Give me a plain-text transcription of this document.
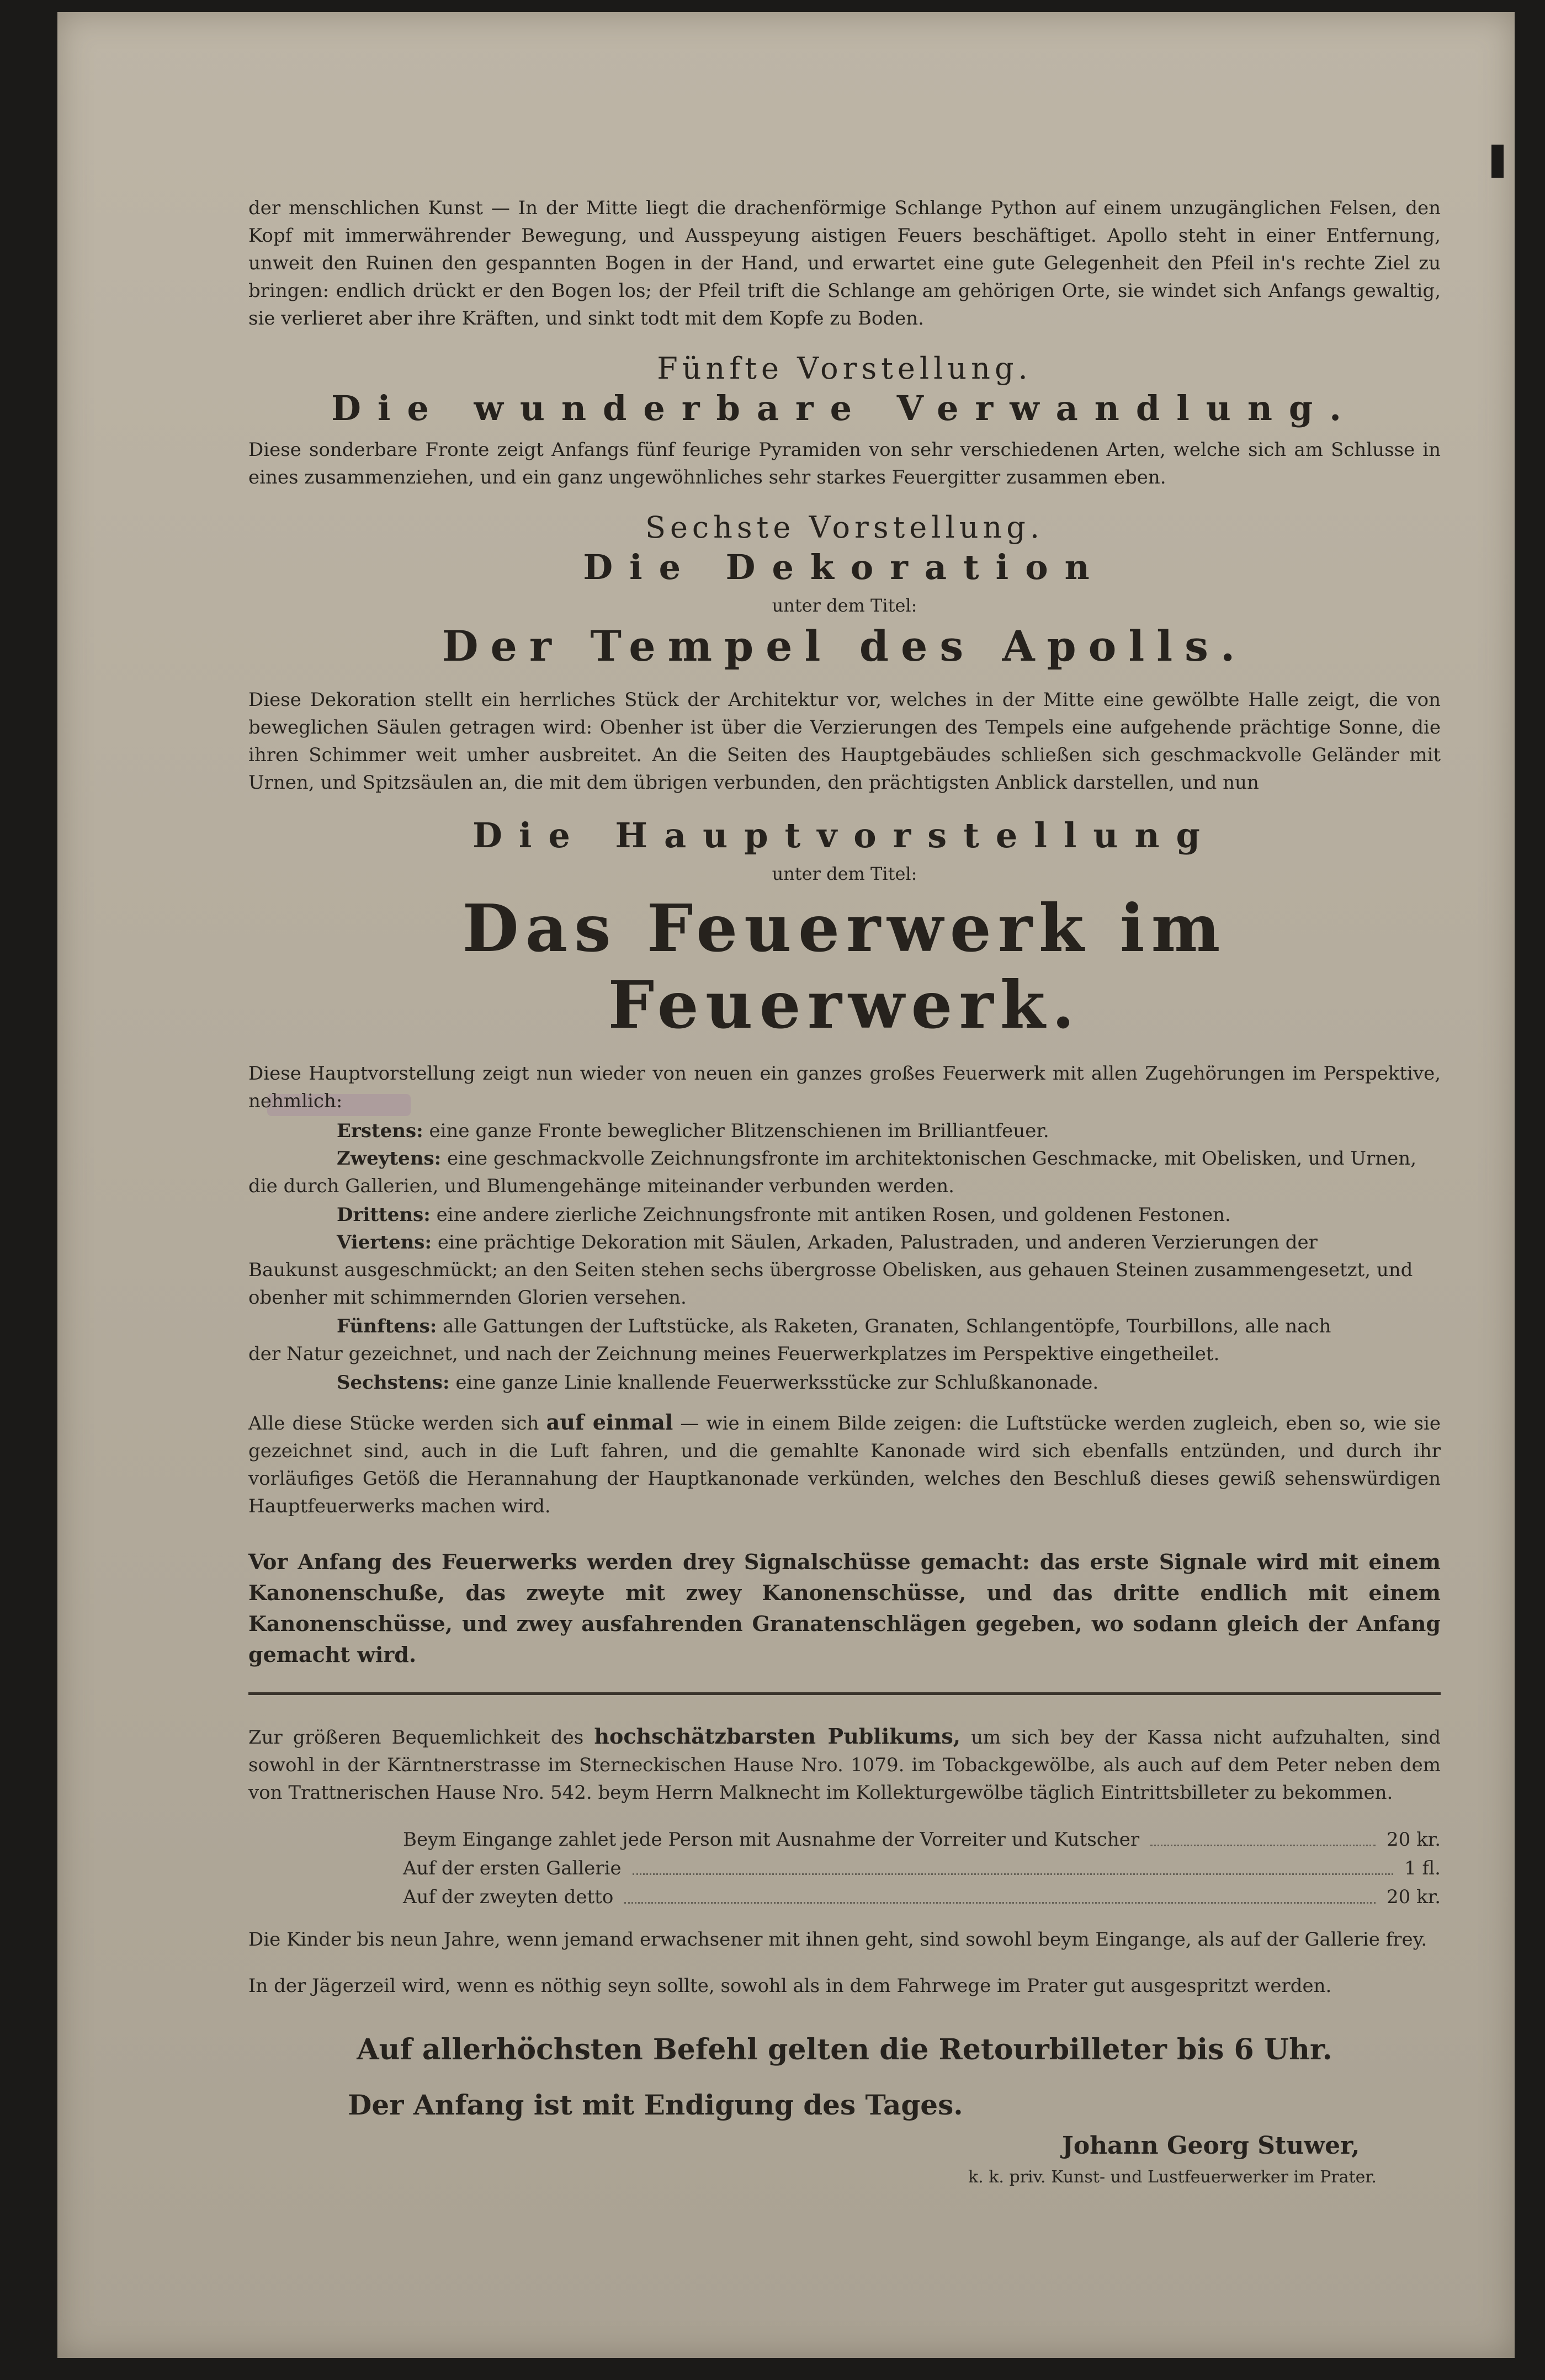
der menschlichen Kunst — In der Mitte liegt die drachenförmige Schlange Python auf einem unzugänglichen Felsen, den Kopf mit immerwährender Bewegung, und Ausspeyung aistigen Feuers beschäftiget. Apollo steht in einer Entfernung, unweit den Ruinen den gespannten Bogen in der Hand, und erwartet eine gute Gelegenheit den Pfeil in's rechte Ziel zu bringen: endlich drückt er den Bogen los; der Pfeil trift die Schlange am gehörigen Orte, sie windet sich Anfangs gewaltig, sie verlieret aber ihre Kräften, und sinkt todt mit dem Kopfe zu Boden.

Fünfte Vorstellung.
Die wunderbare Verwandlung.

Diese sonderbare Fronte zeigt Anfangs fünf feurige Pyramiden von sehr verschiedenen Arten, welche sich am Schlusse in eines zusammenziehen, und ein ganz ungewöhnliches sehr starkes Feuergitter zusammen eben.

Sechste Vorstellung.
Die Dekoration
unter dem Titel:
Der Tempel des Apolls.

Diese Dekoration stellt ein herrliches Stück der Architektur vor, welches in der Mitte eine gewölbte Halle zeigt, die von beweglichen Säulen getragen wird: Obenher ist über die Verzierungen des Tempels eine aufgehende prächtige Sonne, die ihren Schimmer weit umher ausbreitet. An die Seiten des Hauptgebäudes schließen sich geschmackvolle Geländer mit Urnen, und Spitzsäulen an, die mit dem übrigen verbunden, den prächtigsten Anblick darstellen, und nun

Die Hauptvorstellung
unter dem Titel:
Das Feuerwerk im Feuerwerk.

Diese Hauptvorstellung zeigt nun wieder von neuen ein ganzes großes Feuerwerk mit allen Zugehörungen im Perspektive, nehmlich:

Erstens: eine ganze Fronte beweglicher Blitzenschienen im Brilliantfeuer.

Zweytens: eine geschmackvolle Zeichnungsfronte im architektonischen Geschmacke, mit Obelisken, und Urnen,

die durch Gallerien, und Blumengehänge miteinander verbunden werden.

Drittens: eine andere zierliche Zeichnungsfronte mit antiken Rosen, und goldenen Festonen.

Viertens: eine prächtige Dekoration mit Säulen, Arkaden, Palustraden, und anderen Verzierungen der

Baukunst ausgeschmückt; an den Seiten stehen sechs übergrosse Obelisken, aus gehauen Steinen zusammengesetzt, und obenher mit schimmernden Glorien versehen.

Fünftens: alle Gattungen der Luftstücke, als Raketen, Granaten, Schlangentöpfe, Tourbillons, alle nach

der Natur gezeichnet, und nach der Zeichnung meines Feuerwerkplatzes im Perspektive eingetheilet.

Sechstens: eine ganze Linie knallende Feuerwerksstücke zur Schlußkanonade.

Alle diese Stücke werden sich auf einmal — wie in einem Bilde zeigen: die Luftstücke werden zugleich, eben so, wie sie gezeichnet sind, auch in die Luft fahren, und die gemahlte Kanonade wird sich ebenfalls entzünden, und durch ihr vorläufiges Getöß die Herannahung der Hauptkanonade verkünden, welches den Beschluß dieses gewiß sehenswürdigen Hauptfeuerwerks machen wird.

Vor Anfang des Feuerwerks werden drey Signalschüsse gemacht: das erste Signale wird mit einem Kanonenschuße, das zweyte mit zwey Kanonenschüsse, und das dritte endlich mit einem Kanonenschüsse, und zwey ausfahrenden Granatenschlägen gegeben, wo sodann gleich der Anfang gemacht wird.

Zur größeren Bequemlichkeit des hochschätzbarsten Publikums, um sich bey der Kassa nicht aufzuhalten, sind sowohl in der Kärntnerstrasse im Sterneckischen Hause Nro. 1079. im Tobackgewölbe, als auch auf dem Peter neben dem von Trattnerischen Hause Nro. 542. beym Herrn Malknecht im Kollekturgewölbe täglich Eintrittsbilleter zu bekommen.

Beym Eingange zahlet jede Person mit Ausnahme der Vorreiter und Kutscher	20 kr.
Auf der ersten Gallerie	1 fl.
Auf der zweyten detto	20 kr.

Die Kinder bis neun Jahre, wenn jemand erwachsener mit ihnen geht, sind sowohl beym Eingange, als auf der Gallerie frey.

In der Jägerzeil wird, wenn es nöthig seyn sollte, sowohl als in dem Fahrwege im Prater gut ausgespritzt werden.

Auf allerhöchsten Befehl gelten die Retourbilleter bis 6 Uhr.
Der Anfang ist mit Endigung des Tages.
Johann Georg Stuwer,
k. k. priv. Kunst- und Lustfeuerwerker im Prater.
